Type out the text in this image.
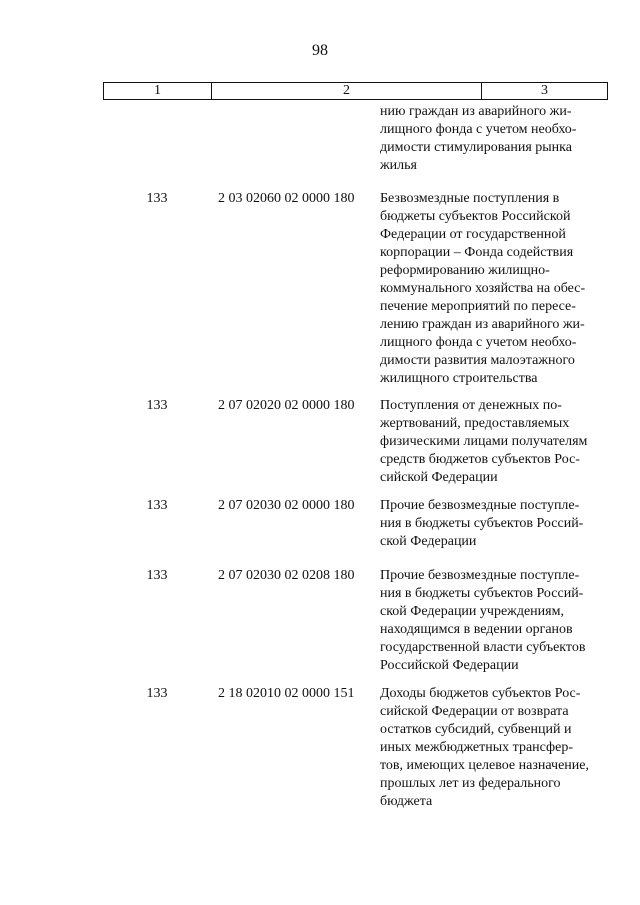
98
1	2	3
нию граждан из аварийного жи-
лищного фонда с учетом необхо-
димости стимулирования рынка
жилья
133	2 03 02060 02 0000 180	Безвозмездные поступления в
бюджеты субъектов Российской
Федерации от государственной
корпорации – Фонда содействия
реформированию жилищно-
коммунального хозяйства на обес-
печение мероприятий по пересе-
лению граждан из аварийного жи-
лищного фонда с учетом необхо-
димости развития малоэтажного
жилищного строительства
133	2 07 02020 02 0000 180	Поступления от денежных по-
жертвований, предоставляемых
физическими лицами получателям
средств бюджетов субъектов Рос-
сийской Федерации
133	2 07 02030 02 0000 180	Прочие безвозмездные поступле-
ния в бюджеты субъектов Россий-
ской Федерации
133	2 07 02030 02 0208 180	Прочие безвозмездные поступле-
ния в бюджеты субъектов Россий-
ской Федерации учреждениям,
находящимся в ведении органов
государственной власти субъектов
Российской Федерации
133	2 18 02010 02 0000 151	Доходы бюджетов субъектов Рос-
сийской Федерации от возврата
остатков субсидий, субвенций и
иных межбюджетных трансфер-
тов, имеющих целевое назначение,
прошлых лет из федерального
бюджета
